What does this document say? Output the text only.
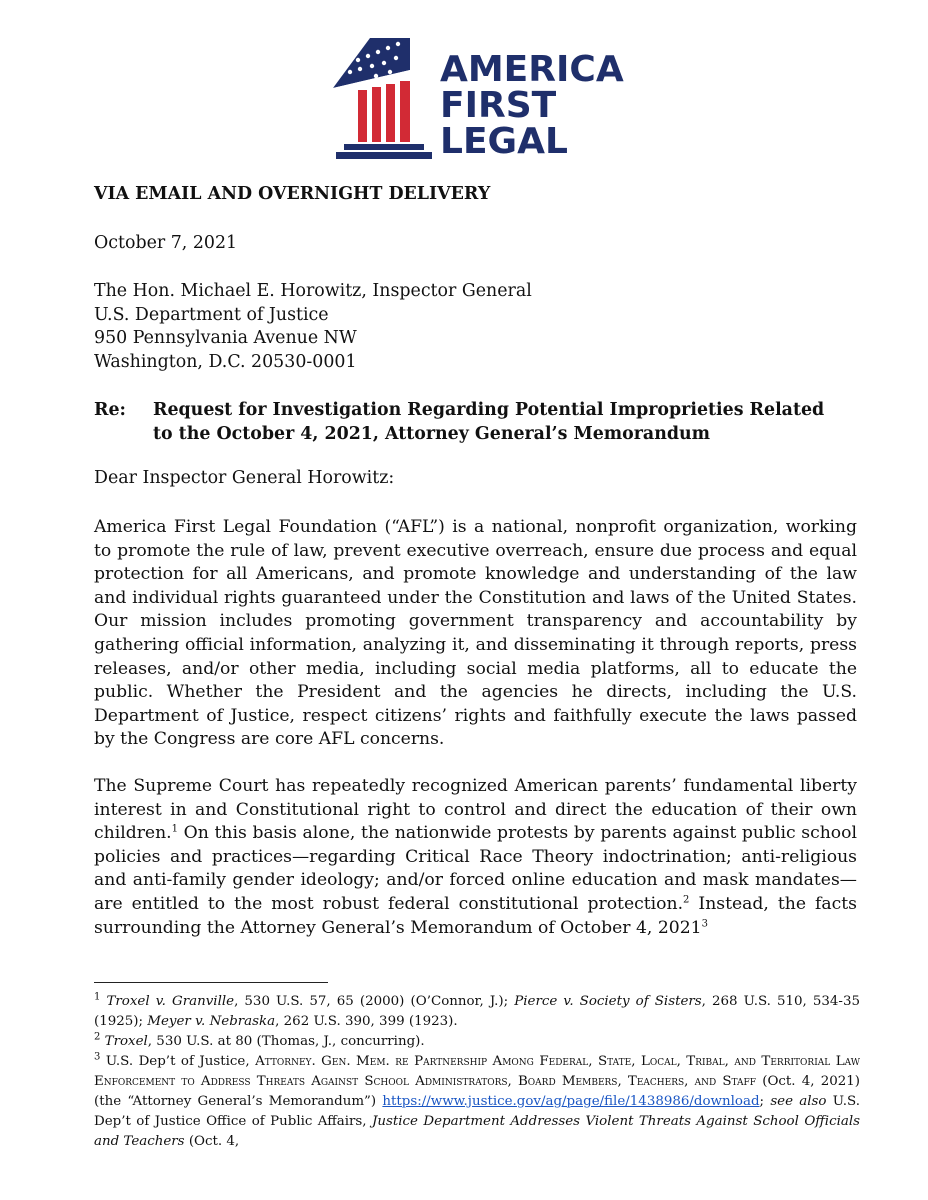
AMERICA
FIRST
LEGAL
VIA EMAIL AND OVERNIGHT DELIVERY
October 7, 2021
The Hon. Michael E. Horowitz, Inspector General
U.S. Department of Justice
950 Pennsylvania Avenue NW
Washington, D.C. 20530-0001
Re: Request for Investigation Regarding Potential Improprieties Related
to the October 4, 2021, Attorney General’s Memorandum
Dear Inspector General Horowitz:
America First Legal Foundation (“AFL”) is a national, nonprofit organization, working to promote the rule of law, prevent executive overreach, ensure due process and equal protection for all Americans, and promote knowledge and understanding of the law and individual rights guaranteed under the Constitution and laws of the United States. Our mission includes promoting government transparency and accountability by gathering official information, analyzing it, and disseminating it through reports, press releases, and/or other media, including social media platforms, all to educate the public. Whether the President and the agencies he directs, including the U.S. Department of Justice, respect citizens’ rights and faithfully execute the laws passed by the Congress are core AFL concerns.
The Supreme Court has repeatedly recognized American parents’ fundamental liberty interest in and Constitutional right to control and direct the education of their own children.$^1$ On this basis alone, the nationwide protests by parents against public school policies and practices—regarding Critical Race Theory indoctrination; anti-religious and anti-family gender ideology; and/or forced online education and mask mandates—are entitled to the most robust federal constitutional protection.$^2$ Instead, the facts surrounding the Attorney General’s Memorandum of October 4, 2021$^3$
$^1$ Troxel v. Granville, 530 U.S. 57, 65 (2000) (O’Connor, J.); Pierce v. Society of Sisters, 268 U.S. 510, 534-35 (1925); Meyer v. Nebraska, 262 U.S. 390, 399 (1923).
$^2$ Troxel, 530 U.S. at 80 (Thomas, J., concurring).
$^3$ U.S. Dep’t of Justice, Attorney. Gen. Mem. re Partnership Among Federal, State, Local, Tribal, and Territorial Law Enforcement to Address Threats Against School Administrators, Board Members, Teachers, and Staff (Oct. 4, 2021) (the “Attorney General’s Memorandum”) https://www.justice.gov/ag/page/file/1438986/download; see also U.S. Dep’t of Justice Office of Public Affairs, Justice Department Addresses Violent Threats Against School Officials and Teachers (Oct. 4,
